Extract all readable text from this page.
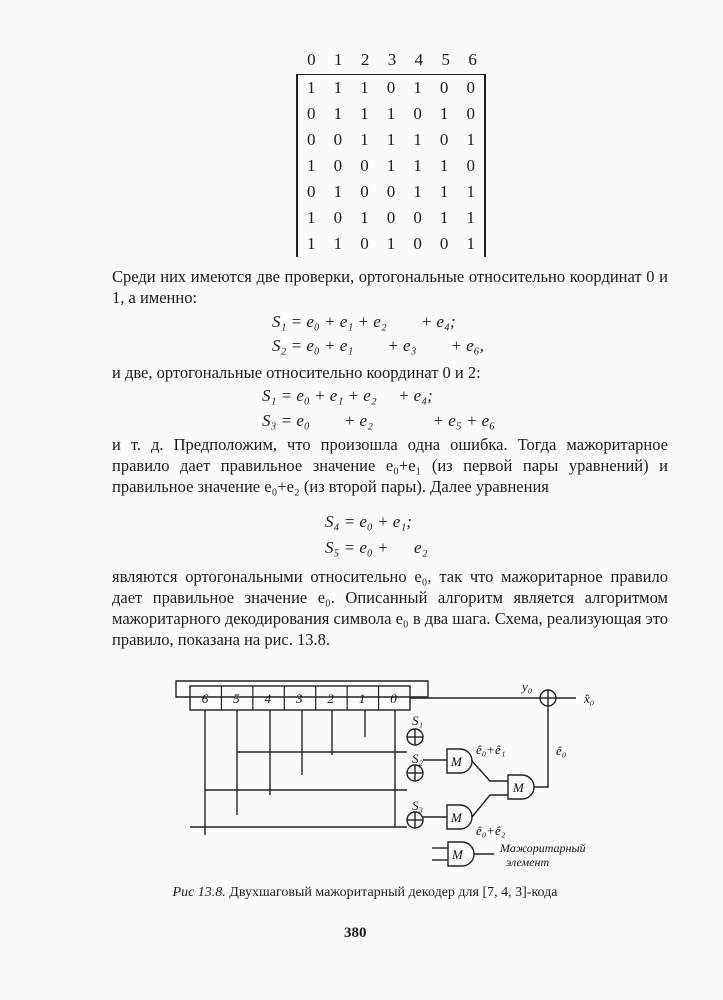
0	1	2	3	4	5	6
1	1	1	0	1	0	0
0	1	1	1	0	1	0
0	0	1	1	1	0	1
1	0	0	1	1	1	0
0	1	0	0	1	1	1
1	0	1	0	0	1	1
1	1	0	1	0	0	1
Среди них имеются две проверки, ортогональные относительно координат 0 и 1, а именно:
S₁ = e₀ + e₁ + e₂        + e₄;
S₂ = e₀ + e₁        + e₃        + e₆,
и две, ортогональные относительно координат 0 и 2:
S₁ = e₀ + e₁ + e₂     + e₄;
S₃ = e₀        + e₂              + e₅ + e₆
и т. д. Предположим, что произошла одна ошибка. Тогда мажоритарное правило дает правильное значение e₀+e₁ (из первой пары уравнений) и правильное значение e₀+e₂ (из второй пары). Далее уравнения
S₄ = e₀ + e₁;
S₅ = e₀ +      e₂
являются ортогональными относительно e₀, так что мажоритарное правило дает правильное значение e₀. Описанный алгоритм является алгоритмом мажоритарного декодирования символа e₀ в два шага. Схема, реализующая это правило, показана на рис. 13.8.
6 5 4 3 2 1 0
y₀
x̂₀
ê₀
ê₀+ê₁
ê₀+ê₂
S₁
S₂
S₃
M
M
M
M	Мажоритарный
элемент
Рис 13.8. Двухшаговый мажоритарный декодер для [7, 4, 3]-кода
380
